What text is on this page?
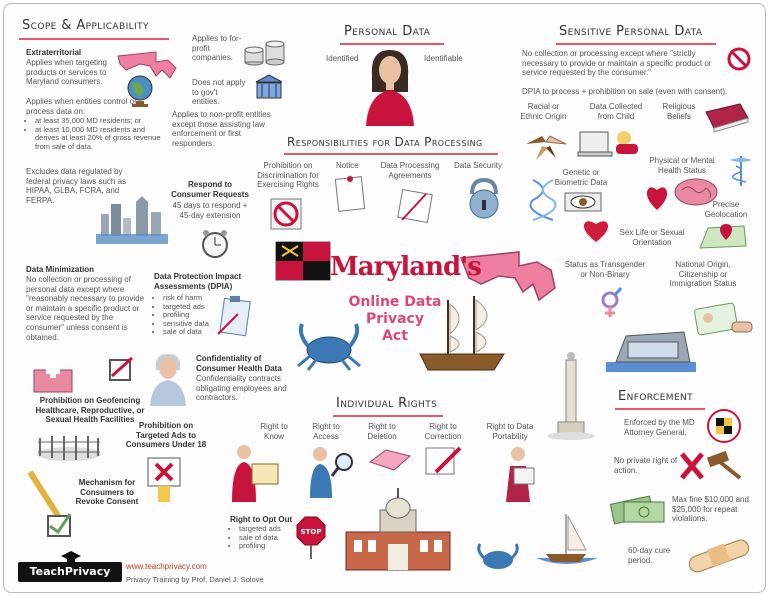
Scope & Applicability
Extraterritorial
Applies when targeting products or services to Maryland consumers.
Applies when entities control or process data on:
• at least 35,000 MD residents; or
• at least 10,000 MD residents and derives at least 20% of gross revenue from sale of data.
Applies to for-profit companies.
Does not apply to gov't entities.
Applies to non-profit entities except those assisting law enforcement or first responders.
Excludes data regulated by federal privacy laws such as HIPAA, GLBA, FCRA, and FERPA.
Personal Data
Identified	Identifiable
Sensitive Personal Data
No collection or processing except where "strictly necessary to provide or maintain a specific product or service requested by the consumer."
DPIA to process + prohibition on sale (even with consent).
Racial or Ethnic Origin
Data Collected from Child
Religious Beliefs
Genetic or Biometric Data
Physical or Mental Health Status
Precise Geolocation
Sex Life or Sexual Orientation
Status as Transgender or Non-Binary
National Origin, Citizenship or Immigration Status
Responsibilities for Data Processing
Prohibition on Discrimination for Exercising Rights
Notice	Data Processing Agreements
Data Security
Respond to Consumer Requests
45 days to respond + 45-day extension
Data Minimization
No collection or processing of personal data except where "reasonably necessary to provide or maintain a specific product or service requested by the consumer" unless consent is obtained.
Data Protection Impact Assessments (DPIA)
• risk of harm
• targeted ads
• profiling
• sensitive data
• sale of data
Confidentiality of Consumer Health Data
Confidentiality contracts obligating employees and contractors.
Prohibition on Geofencing Healthcare, Reproductive, or Sexual Health Facilities
Prohibition on Targeted Ads to Consumers Under 18
Mechanism for Consumers to Revoke Consent
Maryland's
Online Data
Privacy
Act
Individual Rights
Right to Know
Right to Access
Right to Deletion
Right to Correction
Right to Data Portability
Right to Opt Out
• targeted ads
• sale of data
• profiling
STOP
Enforcement
Enforced by the MD Attorney General.
No private right of action.
Max fine $10,000 and $25,000 for repeat violations.
60-day cure period.
TeachPrivacy	www.teachprivacy.com
Privacy Training by Prof. Daniel J. Solove
